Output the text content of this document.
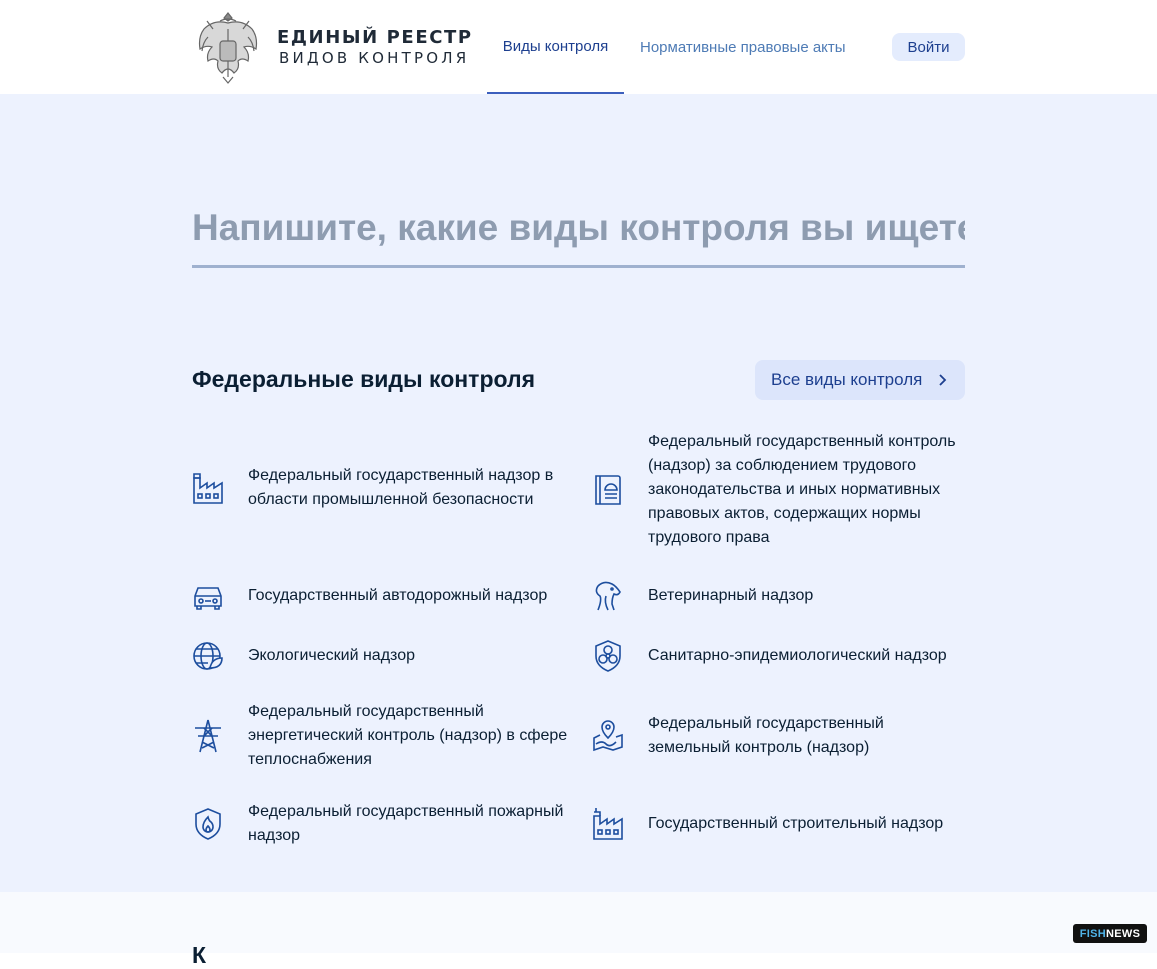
ЕДИНЫЙ РЕЕСТР
ВИДОВ КОНТРОЛЯ
Виды контроля	Нормативные правовые акты	Войти
Напишите, какие виды контроля вы ищете
Федеральные виды контроля	Все виды контроля
Федеральный государственный надзор в области промышленной безопасности
Федеральный государственный контроль (надзор) за соблюдением трудового законодательства и иных нормативных правовых актов, содержащих нормы трудового права
Государственный автодорожный надзор	Ветеринарный надзор
Экологический надзор	Санитарно-эпидемиологический надзор
Федеральный государственный энергетический контроль (надзор) в сфере теплоснабжения
Федеральный государственный земельный контроль (надзор)
Федеральный государственный пожарный надзор
Государственный строительный надзор
К
FISH NEWS
